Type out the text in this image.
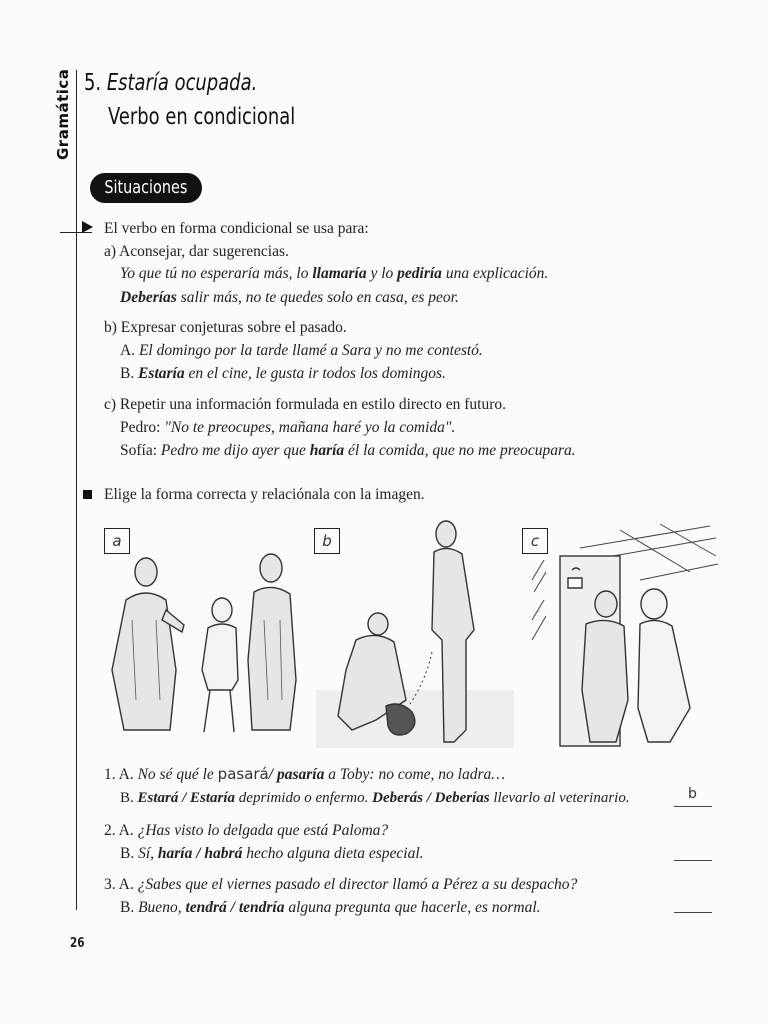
Gramática 5. Estaría ocupada.
Verbo en condicional
Situaciones
El verbo en forma condicional se usa para:
a) Aconsejar, dar sugerencias.
Yo que tú no esperaría más, lo llamaría y lo pediría una explicación.
Deberías salir más, no te quedes solo en casa, es peor.
b) Expresar conjeturas sobre el pasado.
A. El domingo por la tarde llamé a Sara y no me contestó.
B. Estaría en el cine, le gusta ir todos los domingos.
c) Repetir una información formulada en estilo directo en futuro.
Pedro: "No te preocupes, mañana haré yo la comida".
Sofía: Pedro me dijo ayer que haría él la comida, que no me preocupara.
Elige la forma correcta y relaciónala con la imagen.
a	b	c
1. A. No sé qué le pasará/ pasaría a Toby: no come, no ladra…
B. Estará / Estaría deprimido o enfermo. Deberás / Deberías llevarlo al veterinario.	b
2. A. ¿Has visto lo delgada que está Paloma?
B. Sí, haría / habrá hecho alguna dieta especial.
3. A. ¿Sabes que el viernes pasado el director llamó a Pérez a su despacho?
B. Bueno, tendrá / tendría alguna pregunta que hacerle, es normal.
26
